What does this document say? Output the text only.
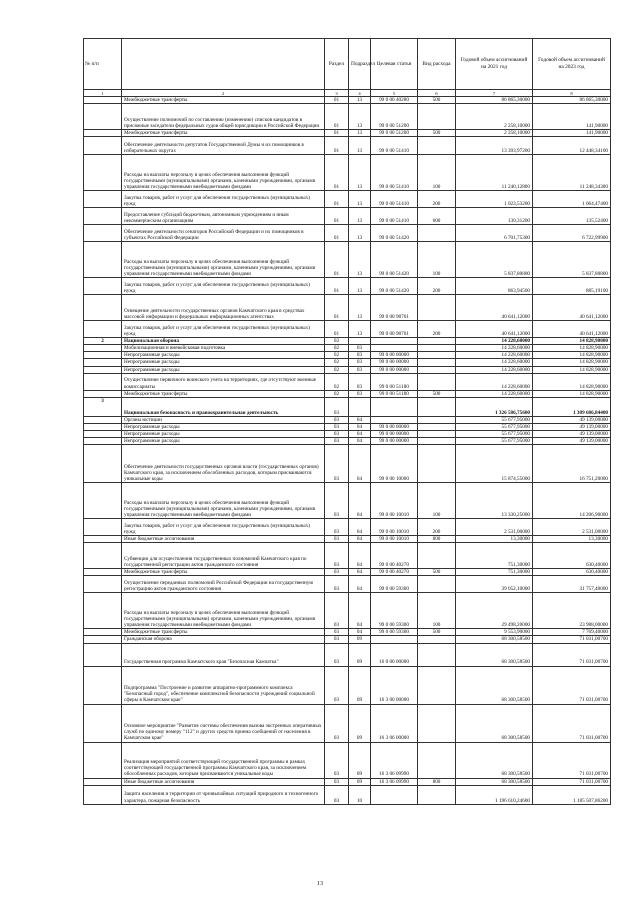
№ п/п		Раздел	Подраздел	Целевая статья	Вид расхода	Годовой объем ассигнований на 2021 год	Годовой объем ассигнований на 2023 год
1	2	3	4	5	6	7	8
	Межбюджетные трансферты	01	13	99 0 00 40280	500	86 865,30000	86 865,30000
	Осуществление полномочий по составлению (изменению) списков кандидатов в присяжные заседатели федеральных судов общей юрисдикции в Российской Федерации	01	13	99 0 00 51200		2 258,10000	141,90000
	Межбюджетные трансферты	01	13	99 0 00 51200	500	2 258,10000	141,90000
	Обеспечение деятельности депутатов Государственной Думы и их помощников в избирательных округах	01	13	99 0 00 51410		13 393,97200	12 448,34100
	Расходы на выплаты персоналу в целях обеспечения выполнения функций государственными (муниципальными) органами, казенными учреждениями, органами управления государственными внебюджетными фондами	01	13	99 0 00 51410	100	11 240,12800	11 248,34300
	Закупка товаров, работ и услуг для обеспечения государственных (муниципальных) нужд	01	13	99 0 00 51410	200	1 023,53200	1 064,47400
	Предоставление субсидий бюджетным, автономным учреждениям и иным некоммерческим организациям	01	13	99 0 00 51410	600	130,31200	135,52400
	Обеспечение деятельности сенаторов Российской Федерации и их помощников в субъектах Российской Федерации	01	13	99 0 00 51420		6 701,75300	6 722,99900
	Расходы на выплаты персоналу в целях обеспечения выполнения функций государственными (муниципальными) органами, казенными учреждениями, органами управления государственными внебюджетными фондами	01	13	99 0 00 51420	100	5 837,80800	5 837,80800
	Закупка товаров, работ и услуг для обеспечения государственных (муниципальных) нужд	01	13	99 0 00 51420	200	863,94500	885,19100
	Освещение деятельности государственных органов Камчатского края в средствах массовой информации и федеральных информационных агентствах	01	13	99 0 00 98701		40 641,12000	40 641,12000
	Закупка товаров, работ и услуг для обеспечения государственных (муниципальных) нужд	01	13	99 0 00 98701	200	40 641,12000	40 641,12000
2	Национальная оборона	02				14 228,60000	14 828,90000
	Мобилизационная и вневойсковая подготовка	02	03			14 228,60000	14 828,90000
	Непрограммные расходы	02	03	99 0 00 00000		14 228,60000	14 828,90000
	Непрограммные расходы	02	03	99 0 00 00000		14 228,60000	14 828,90000
	Непрограммные расходы	02	03	99 0 00 00000		14 228,60000	14 828,90000
	Осуществление первичного воинского учета на территориях, где отсутствуют военные комиссариаты	02	03	99 0 00 51180		14 228,60000	14 828,90000
	Межбюджетные трансферты	02	03	99 0 00 51180	500	14 228,60000	14 828,90000
3	Национальная безопасность и правоохранительная деятельность	03				1 326 586,75600	1 309 686,84400
	Органы юстиции	03	04			55 677,95000	49 139,00000
	Непрограммные расходы	03	04	99 0 00 00000		55 677,95000	49 139,00000
	Непрограммные расходы	03	04	99 0 00 00000		55 677,95000	49 139,00000
	Непрограммные расходы	03	04	99 0 00 00000		55 677,95000	49 139,00000
	Обеспечение деятельности государственных органов власти (государственных органов) Камчатского края, за исключением обособленных расходов, которым присваиваются уникальные коды	03	04	99 0 00 10000		15 874,55000	16 751,20000
	Расходы на выплаты персоналу в целях обеспечения выполнения функций государственными (муниципальными) органами, казенными учреждениями, органами управления государственными внебюджетными фондами	03	04	99 0 00 10010	100	13 330,25000	14 206,90000
	Закупка товаров, работ и услуг для обеспечения государственных (муниципальных) нужд	03	04	99 0 00 10010	200	2 531,00000	2 531,00000
	Иные бюджетные ассигнования	03	04	99 0 00 10010	800	13,30000	13,30000
	Субвенции для осуществления государственных полномочий Камчатского края по государственной регистрации актов гражданского состояния	03	04	99 0 00 40270		751,30000	630,40000
	Межбюджетные трансферты	03	04	99 0 00 40270	500	751,30000	630,40000
	Осуществление переданных полномочий Российской Федерации на государственную регистрацию актов гражданского состояния	03	04	99 0 00 59300		39 052,10000	31 757,40000
	Расходы на выплаты персоналу в целях обеспечения выполнения функций государственными (муниципальными) органами, казенными учреждениями, органами управления государственными внебюджетными фондами	03	04	99 0 00 59300	100	29 498,20000	23 988,00000
	Межбюджетные трансферты	03	04	99 0 00 59300	500	9 553,90000	7 769,40000
	Гражданская оборона	03	09			68 300,58500	71 031,00700
	Государственная программа Камчатского края "Безопасная Камчатка"	03	09	16 0 00 00000		68 300,58500	71 031,00700
	Подпрограмма "Построение и развитие аппаратно-программного комплекса "Безопасный город", обеспечение комплексной безопасности учреждений социальной сферы в Камчатском крае"	03	09	16 3 00 00000		68 300,58500	71 031,00700
	Основное мероприятие "Развитие системы обеспечения вызова экстренных оперативных служб по единому номеру "112" и других средств приема сообщений от населения в Камчатском крае"	03	09	16 3 06 00000		68 300,58500	71 031,00700
	Реализация мероприятий соответствующей государственной программы в рамках соответствующей государственной программы Камчатского края, за исключением обособленных расходов, которым присваиваются уникальные коды	03	09	16 3 06 09990		68 300,58500	71 031,00700
	Иные бюджетные ассигнования	03	09	16 3 06 09990	800	68 300,58500	71 031,00700
	Защита населения и территории от чрезвычайных ситуаций природного и техногенного характера, пожарная безопасность	03	10			1 196 610,24600	1 185 507,86200
13
